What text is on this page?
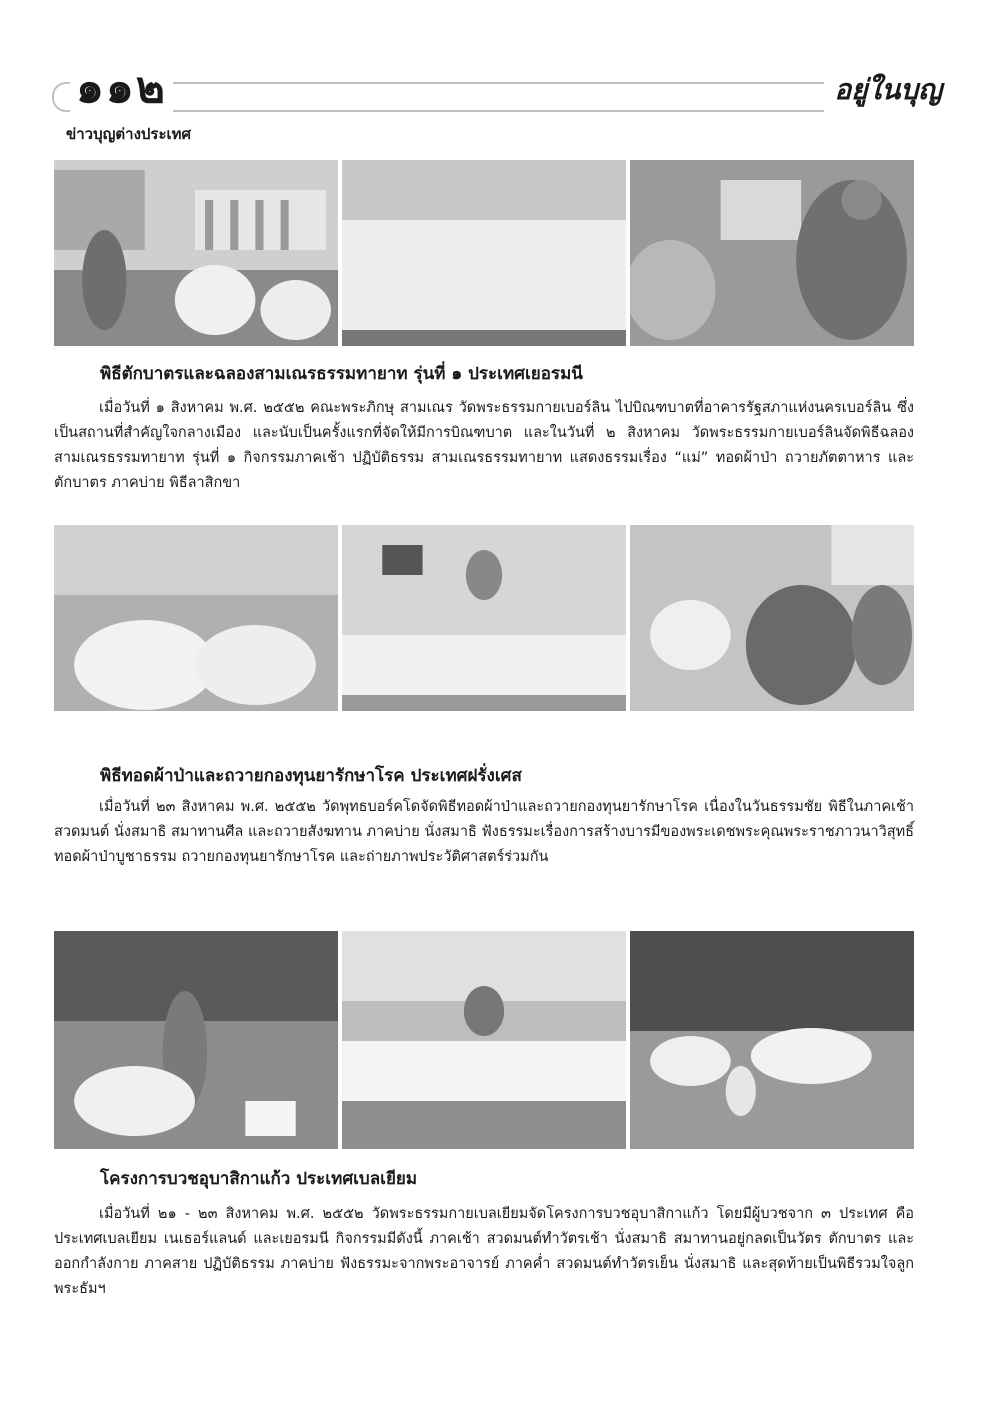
๑๑๒	อยู่ในบุญ
ข่าวบุญต่างประเทศ
พิธีตักบาตรและฉลองสามเณรธรรมทายาท รุ่นที่ ๑ ประเทศเยอรมนี

เมื่อวันที่ ๑ สิงหาคม พ.ศ. ๒๕๕๒ คณะพระภิกษุ สามเณร วัดพระธรรมกายเบอร์ลิน ไปบิณฑบาตที่อาคารรัฐสภาแห่งนครเบอร์ลิน ซึ่งเป็นสถานที่สำคัญใจกลางเมือง และนับเป็นครั้งแรกที่จัดให้มีการบิณฑบาต และในวันที่ ๒ สิงหาคม วัดพระธรรมกายเบอร์ลินจัดพิธีฉลองสามเณรธรรมทายาท รุ่นที่ ๑ กิจกรรมภาคเช้า ปฏิบัติธรรม สามเณรธรรมทายาท แสดงธรรมเรื่อง “แม่” ทอดผ้าป่า ถวายภัตตาหาร และตักบาตร ภาคบ่าย พิธีลาสิกขา

พิธีทอดผ้าป่าและถวายกองทุนยารักษาโรค ประเทศฝรั่งเศส

เมื่อวันที่ ๒๓ สิงหาคม พ.ศ. ๒๕๕๒ วัดพุทธบอร์คโดจัดพิธีทอดผ้าป่าและถวายกองทุนยารักษาโรค เนื่องในวันธรรมชัย พิธีในภาคเช้า สวดมนต์ นั่งสมาธิ สมาทานศีล และถวายสังฆทาน ภาคบ่าย นั่งสมาธิ ฟังธรรมะเรื่องการสร้างบารมีของพระเดชพระคุณพระราชภาวนาวิสุทธิ์ ทอดผ้าป่าบูชาธรรม ถวายกองทุนยารักษาโรค และถ่ายภาพประวัติศาสตร์ร่วมกัน

โครงการบวชอุบาสิกาแก้ว ประเทศเบลเยียม

เมื่อวันที่ ๒๑ - ๒๓ สิงหาคม พ.ศ. ๒๕๕๒ วัดพระธรรมกายเบลเยียมจัดโครงการบวชอุบาสิกาแก้ว โดยมีผู้บวชจาก ๓ ประเทศ คือ ประเทศเบลเยียม เนเธอร์แลนด์ และเยอรมนี กิจกรรมมีดังนี้ ภาคเช้า สวดมนต์ทำวัตรเช้า นั่งสมาธิ สมาทานอยู่กลดเป็นวัตร ตักบาตร และออกกำลังกาย ภาคสาย ปฏิบัติธรรม ภาคบ่าย ฟังธรรมะจากพระอาจารย์ ภาคค่ำ สวดมนต์ทำวัตรเย็น นั่งสมาธิ และสุดท้ายเป็นพิธีรวมใจลูกพระธัมฯ
